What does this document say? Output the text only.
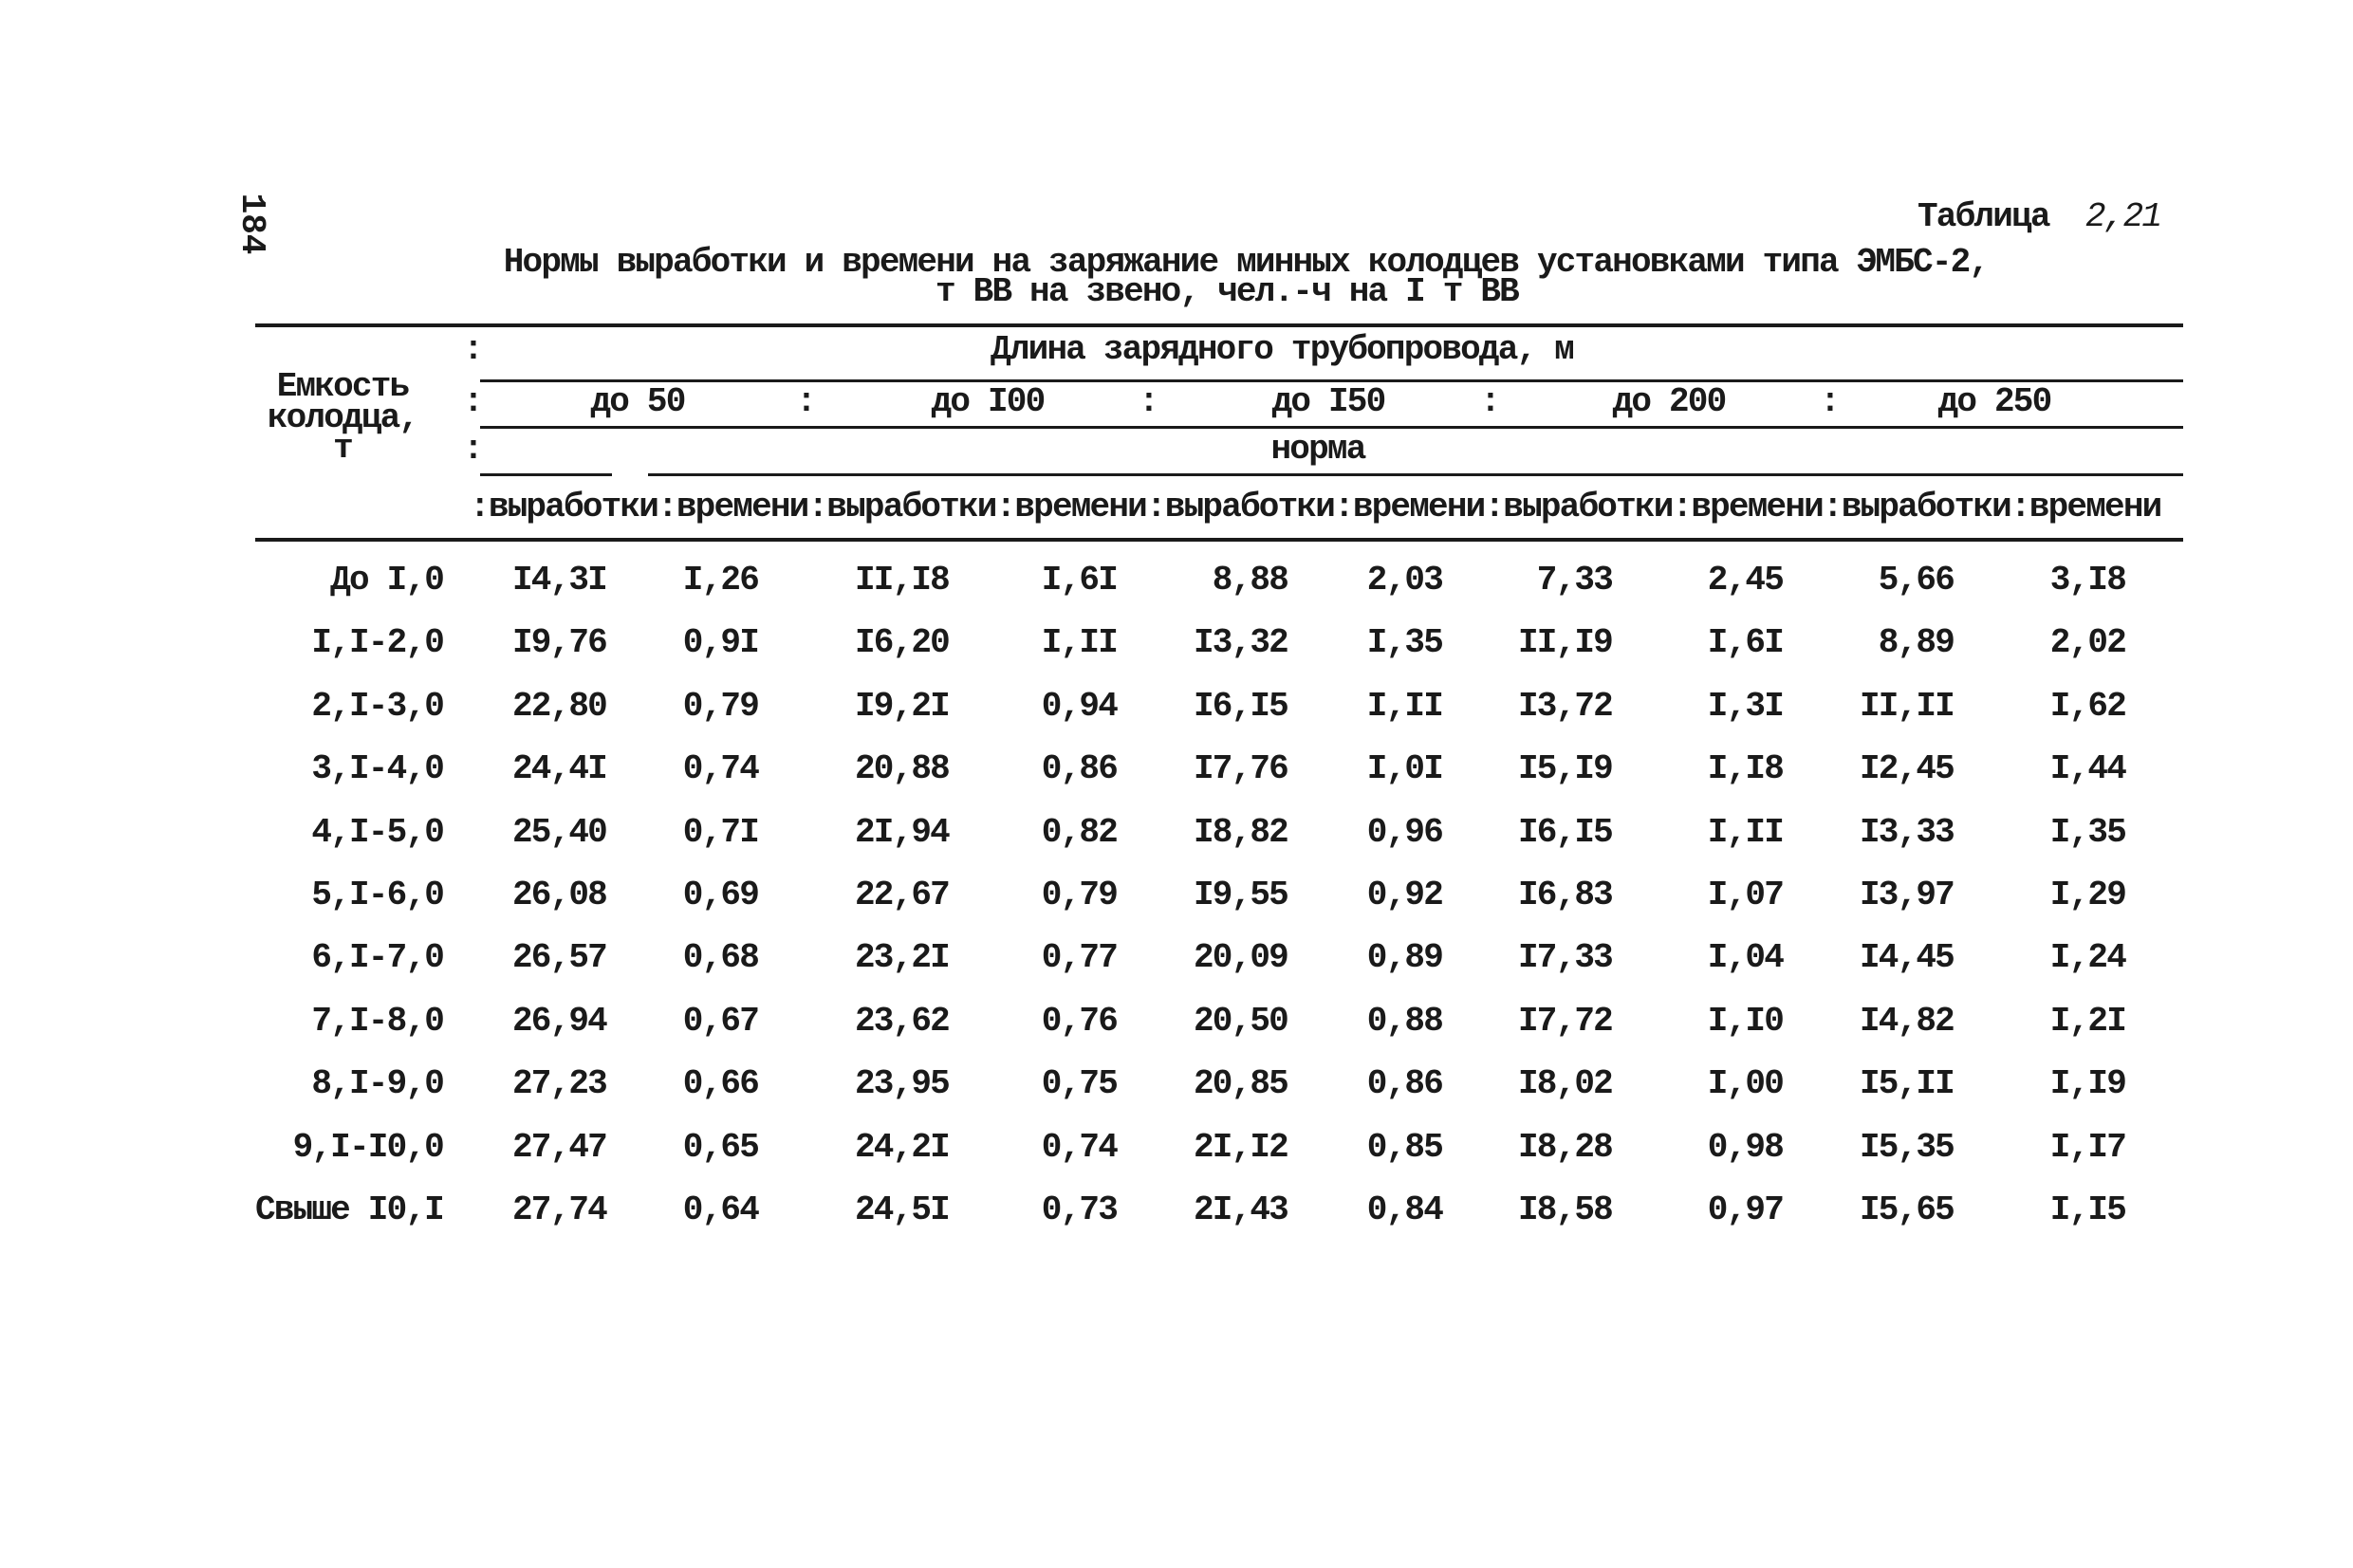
184	Таблица 2,21
Нормы выработки и времени на заряжание минных колодцев установками типа ЭМБС-2,
т ВВ на звено, чел.-ч на I т ВВ
Емкость
колодца,
т
:
:
:
Длина зарядного трубопровода, м
до 50	:	до I00	:	до I50	:	до 200	:	до 250
норма
: выработки : времени : выработки : времени : выработки : времени : выработки : времени : выработки : времени
До I,0	I4,3I	I,26	II,I8	I,6I	8,88	2,03	7,33	2,45	5,66	3,I8
I,I-2,0	I9,76	0,9I	I6,20	I,II	I3,32	I,35	II,I9	I,6I	8,89	2,02
2,I-3,0	22,80	0,79	I9,2I	0,94	I6,I5	I,II	I3,72	I,3I	II,II	I,62
3,I-4,0	24,4I	0,74	20,88	0,86	I7,76	I,0I	I5,I9	I,I8	I2,45	I,44
4,I-5,0	25,40	0,7I	2I,94	0,82	I8,82	0,96	I6,I5	I,II	I3,33	I,35
5,I-6,0	26,08	0,69	22,67	0,79	I9,55	0,92	I6,83	I,07	I3,97	I,29
6,I-7,0	26,57	0,68	23,2I	0,77	20,09	0,89	I7,33	I,04	I4,45	I,24
7,I-8,0	26,94	0,67	23,62	0,76	20,50	0,88	I7,72	I,I0	I4,82	I,2I
8,I-9,0	27,23	0,66	23,95	0,75	20,85	0,86	I8,02	I,00	I5,II	I,I9
9,I-I0,0	27,47	0,65	24,2I	0,74	2I,I2	0,85	I8,28	0,98	I5,35	I,I7
Свыше I0,I	27,74	0,64	24,5I	0,73	2I,43	0,84	I8,58	0,97	I5,65	I,I5
